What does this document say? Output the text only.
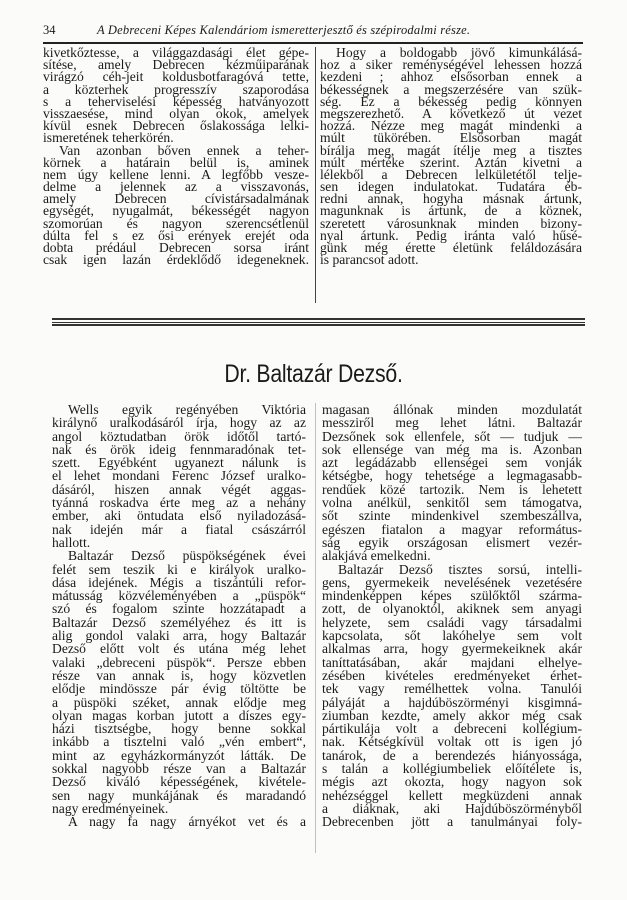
34	A Debreceni Képes Kalendáriom ismeretterjesztő és szépirodalmi része.
kivetkőztesse, a világgazdasági élet gépe-
sítése, amely Debrecen kézműiparának
virágzó céh-jeit koldusbotfaragóvá tette,
a közterhek progresszív szaporodása
s a teherviselési képesség hatványozott
visszaesése, mind olyan okok, amelyek
kívül esnek Debrecen őslakossága lelki-
ismeretének teherkörén.
Van azonban bőven ennek a teher-
körnek a határain belül is, aminek
nem úgy kellene lenni. A legfőbb vesze-
delme a jelennek az a visszavonás,
amely Debrecen cívistársadalmának
egységét, nyugalmát, békességét nagyon
szomorúan és nagyon szerencsétlenül
dúlta fel s ez ősi erények erejét oda
dobta prédául Debrecen sorsa iránt
csak igen lazán érdeklődő idegeneknek.
Hogy a boldogabb jövő kimunkálásá-
hoz a siker reménységével lehessen hozzá
kezdeni ; ahhoz elsősorban ennek a
békességnek a megszerzésére van szük-
ség. Ez a békesség pedig könnyen
megszerezhető. A következő út vezet
hozzá. Nézze meg magát mindenki a
múlt tükörében. Elsősorban magát
bírálja meg, magát ítélje meg a tisztes
múlt mértéke szerint. Aztán kivetni a
lélekből a Debrecen lelkületétől telje-
sen idegen indulatokat. Tudatára éb-
redni annak, hogyha másnak ártunk,
magunknak is ártunk, de a köznek,
szeretett városunknak minden bizony-
nyal ártunk. Pedig iránta való hűsé-
günk még érette életünk feláldozására
is parancsot adott.
Dr. Baltazár Dezső.
Wells egyik regényében Viktória
királynő uralkodásáról írja, hogy az az
angol köztudatban örök időtől tartó-
nak és örök ideig fennmaradónak tet-
szett. Egyébként ugyanezt nálunk is
el lehet mondani Ferenc József uralko-
dásáról, hiszen annak végét aggas-
tyánná roskadva érte meg az a nehány
ember, aki öntudata első nyiladozásá-
nak idején már a fiatal császárról
hallott.
Baltazár Dezső püspökségének évei
felét sem teszik ki e királyok uralko-
dása idejének. Mégis a tiszántúli refor-
mátusság közvéleményében a „püspök“
szó és fogalom szinte hozzátapadt a
Baltazár Dezső személyéhez és itt is
alig gondol valaki arra, hogy Baltazár
Dezső előtt volt és utána még lehet
valaki „debreceni püspök“. Persze ebben
része van annak is, hogy közvetlen
elődje mindössze pár évig töltötte be
a püspöki széket, annak elődje meg
olyan magas korban jutott a díszes egy-
házi tisztségbe, hogy benne sokkal
inkább a tisztelni való „vén embert“,
mint az egyházkormányzót látták. De
sokkal nagyobb része van a Baltazár
Dezső kiváló képességének, kivétele-
sen nagy munkájának és maradandó
nagy eredményeinek.
A nagy fa nagy árnyékot vet és a
magasan állónak minden mozdulatát
messziről meg lehet látni. Baltazár
Dezsőnek sok ellenfele, sőt — tudjuk —
sok ellensége van még ma is. Azonban
azt legádázabb ellenségei sem vonják
kétségbe, hogy tehetsége a legmagasabb-
rendűek közé tartozik. Nem is lehetett
volna anélkül, senkitől sem támogatva,
sőt szinte mindenkivel szembeszállva,
egészen fiatalon a magyar református-
ság egyik országosan elismert vezér-
alakjává emelkedni.
Baltazár Dezső tisztes sorsú, intelli-
gens, gyermekeik nevelésének vezetésére
mindenképpen képes szülőktől szárma-
zott, de olyanoktól, akiknek sem anyagi
helyzete, sem családi vagy társadalmi
kapcsolata, sőt lakóhelye sem volt
alkalmas arra, hogy gyermekeiknek akár
taníttatásában, akár majdani elhelye-
zésében kivételes eredményeket érhet-
tek vagy remélhettek volna. Tanulói
pályáját a hajdúböszörményi kisgimná-
ziumban kezdte, amely akkor még csak
pártikulája volt a debreceni kollégium-
nak. Kétségkívül voltak ott is igen jó
tanárok, de a berendezés hiányossága,
s talán a kollégiumbeliek előítélete is,
mégis azt okozta, hogy nagyon sok
nehézséggel kellett megküzdeni annak
a diáknak, aki Hajdúböszörményből
Debrecenben jött a tanulmányai foly-
